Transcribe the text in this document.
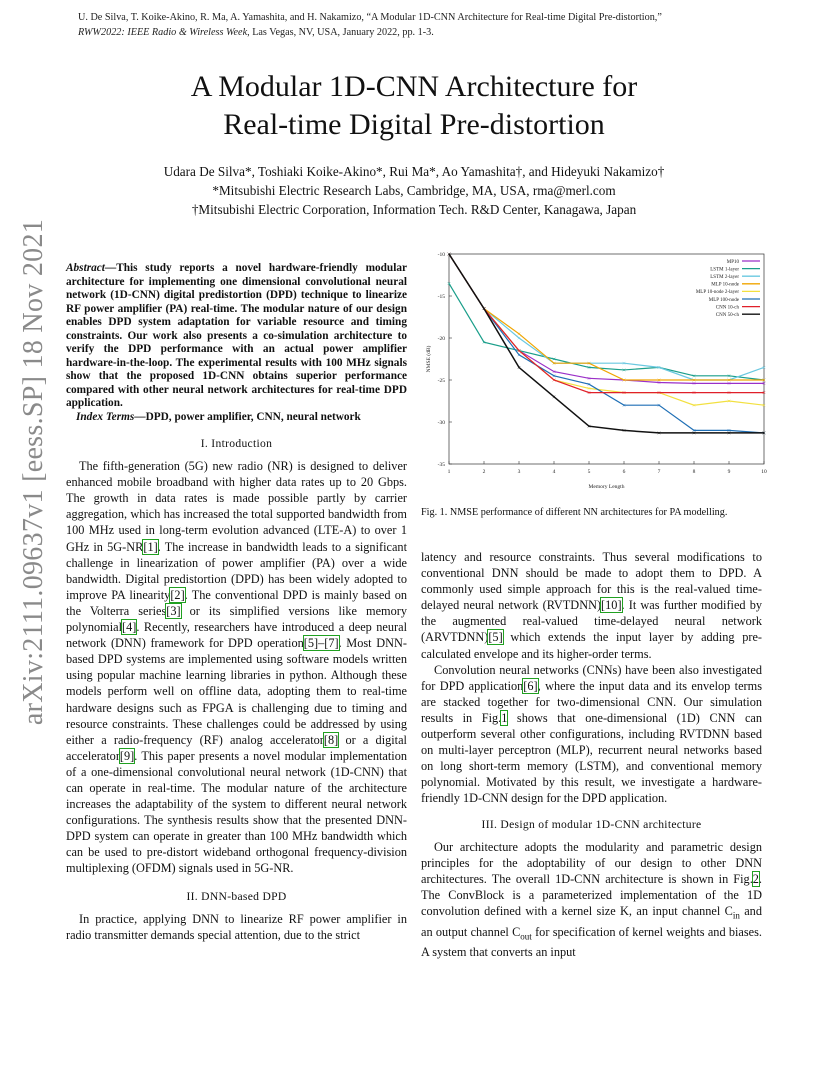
U. De Silva, T. Koike-Akino, R. Ma, A. Yamashita, and H. Nakamizo, “A Modular 1D-CNN Architecture for Real-time Digital Pre-distortion,”
RWW2022: IEEE Radio & Wireless Week, Las Vegas, NV, USA, January 2022, pp. 1-3.
arXiv:2111.09637v1 [eess.SP] 18 Nov 2021
A Modular 1D-CNN Architecture for
Real-time Digital Pre-distortion
Udara De Silva*, Toshiaki Koike-Akino*, Rui Ma*, Ao Yamashita†, and Hideyuki Nakamizo†
*Mitsubishi Electric Research Labs, Cambridge, MA, USA, rma@merl.com
†Mitsubishi Electric Corporation, Information Tech. R&D Center, Kanagawa, Japan
Abstract—This study reports a novel hardware-friendly modular architecture for implementing one dimensional convolutional neural network (1D-CNN) digital predistortion (DPD) technique to linearize RF power amplifier (PA) real-time. The modular nature of our design enables DPD system adaptation for variable resource and timing constraints. Our work also presents a co-simulation architecture to verify the DPD performance with an actual power amplifier hardware-in-the-loop. The experimental results with 100 MHz signals show that the proposed 1D-CNN obtains superior performance compared with other neural network architectures for real-time DPD application.
Index Terms—DPD, power amplifier, CNN, neural network
I. Introduction

The fifth-generation (5G) new radio (NR) is designed to deliver enhanced mobile broadband with higher data rates up to 20 Gbps. The growth in data rates is made possible partly by carrier aggregation, which has increased the total supported bandwidth from 100 MHz used in long-term evolution advanced (LTE-A) to over 1 GHz in 5G-NR[1]. The increase in bandwidth leads to a significant challenge in linearization of power amplifier (PA) over a wide bandwidth. Digital predistortion (DPD) has been widely adopted to improve PA linearity[2]. The conventional DPD is mainly based on the Volterra series[3] or its simplified versions like memory polynomial[4]. Recently, researchers have introduced a deep neural network (DNN) framework for DPD operation[5]–[7]. Most DNN-based DPD systems are implemented using software models written using popular machine learning libraries in python. Although these models perform well on offline data, adopting them to real-time hardware designs such as FPGA is challenging due to timing and resource constraints. These challenges could be addressed by using either a radio-frequency (RF) analog accelerator[8] or a digital accelerator[9]. This paper presents a novel modular implementation of a one-dimensional convolutional neural network (1D-CNN) that can operate in real-time. The modular nature of the architecture increases the adaptability of the system to different neural network configurations. The synthesis results show that the presented DNN-DPD system can operate in greater than 100 MHz bandwidth which can be used to pre-distort wideband orthogonal frequency-division multiplexing (OFDM) signals used in 5G-NR.

II. DNN-based DPD

In practice, applying DNN to linearize RF power amplifier in radio transmitter demands special attention, due to the strict

1	2	3	4	5	6	7	8	9	10
-10
-15
-20
-25
-30
-35
Memory Length
NMSE (dB)
MP10
LSTM 1-layer
LSTM 2-layer
MLP 10-node
MLP 10-node 2-layer
MLP 100-node
CNN 10-ch
CNN 50-ch
Fig. 1. NMSE performance of different NN architectures for PA modelling.

latency and resource constraints. Thus several modifications to conventional DNN should be made to adopt them to DPD. A commonly used simple approach for this is the real-valued time-delayed neural network (RVTDNN)[10]. It was further modified by the augmented real-valued time-delayed neural network (ARVTDNN)[5] which extends the input layer by adding pre-calculated envelope and its higher-order terms.

Convolution neural networks (CNNs) have been also investigated for DPD application[6], where the input data and its envelop terms are stacked together for two-dimensional CNN. Our simulation results in Fig.1 shows that one-dimensional (1D) CNN can outperform several other configurations, including RVTDNN based on multi-layer perceptron (MLP), recurrent neural networks based on long short-term memory (LSTM), and conventional memory polynomial. Motivated by this result, we investigate a hardware-friendly 1D-CNN design for the DPD application.

III. Design of modular 1D-CNN architecture

Our architecture adopts the modularity and parametric design principles for the adoptability of our design to other DNN architectures. The overall 1D-CNN architecture is shown in Fig.2. The ConvBlock is a parameterized implementation of the 1D convolution defined with a kernel size K, an input channel $C_{in}$ and an output channel $C_{out}$ for specification of kernel weights and biases. A system that converts an input
